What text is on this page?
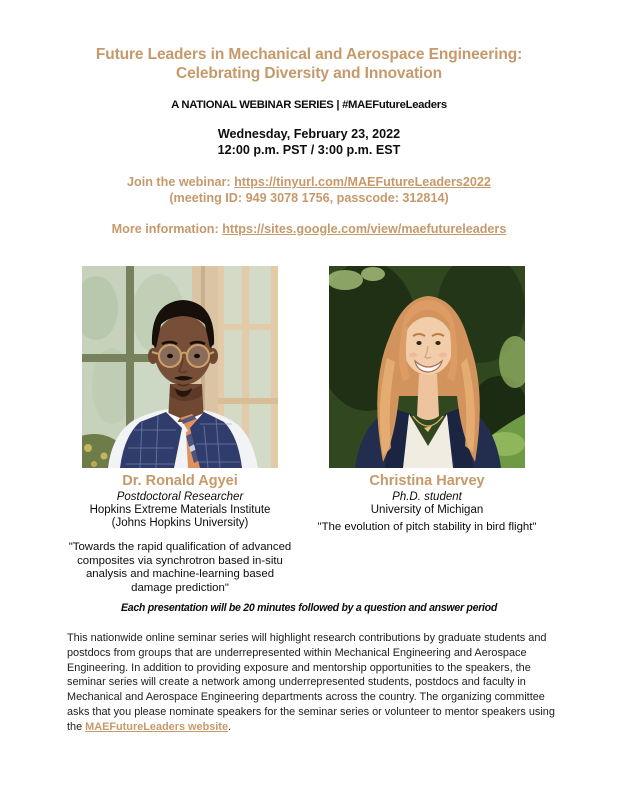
Future Leaders in Mechanical and Aerospace Engineering:
Celebrating Diversity and Innovation
A NATIONAL WEBINAR SERIES | #MAEFutureLeaders
Wednesday, February 23, 2022
12:00 p.m. PST / 3:00 p.m. EST
Join the webinar: https://tinyurl.com/MAEFutureLeaders2022
(meeting ID: 949 3078 1756, passcode: 312814)
More information: https://sites.google.com/view/maefutureleaders
Dr. Ronald Agyei
Postdoctoral Researcher
Hopkins Extreme Materials Institute
(Johns Hopkins University)
"Towards the rapid qualification of advanced composites via synchrotron based in-situ analysis and machine-learning based damage prediction"
Christina Harvey
Ph.D. student
University of Michigan
"The evolution of pitch stability in bird flight"
Each presentation will be 20 minutes followed by a question and answer period
This nationwide online seminar series will highlight research contributions by graduate students and postdocs from groups that are underrepresented within Mechanical Engineering and Aerospace Engineering. In addition to providing exposure and mentorship opportunities to the speakers, the seminar series will create a network among underrepresented students, postdocs and faculty in Mechanical and Aerospace Engineering departments across the country. The organizing committee asks that you please nominate speakers for the seminar series or volunteer to mentor speakers using the MAEFutureLeaders website.
